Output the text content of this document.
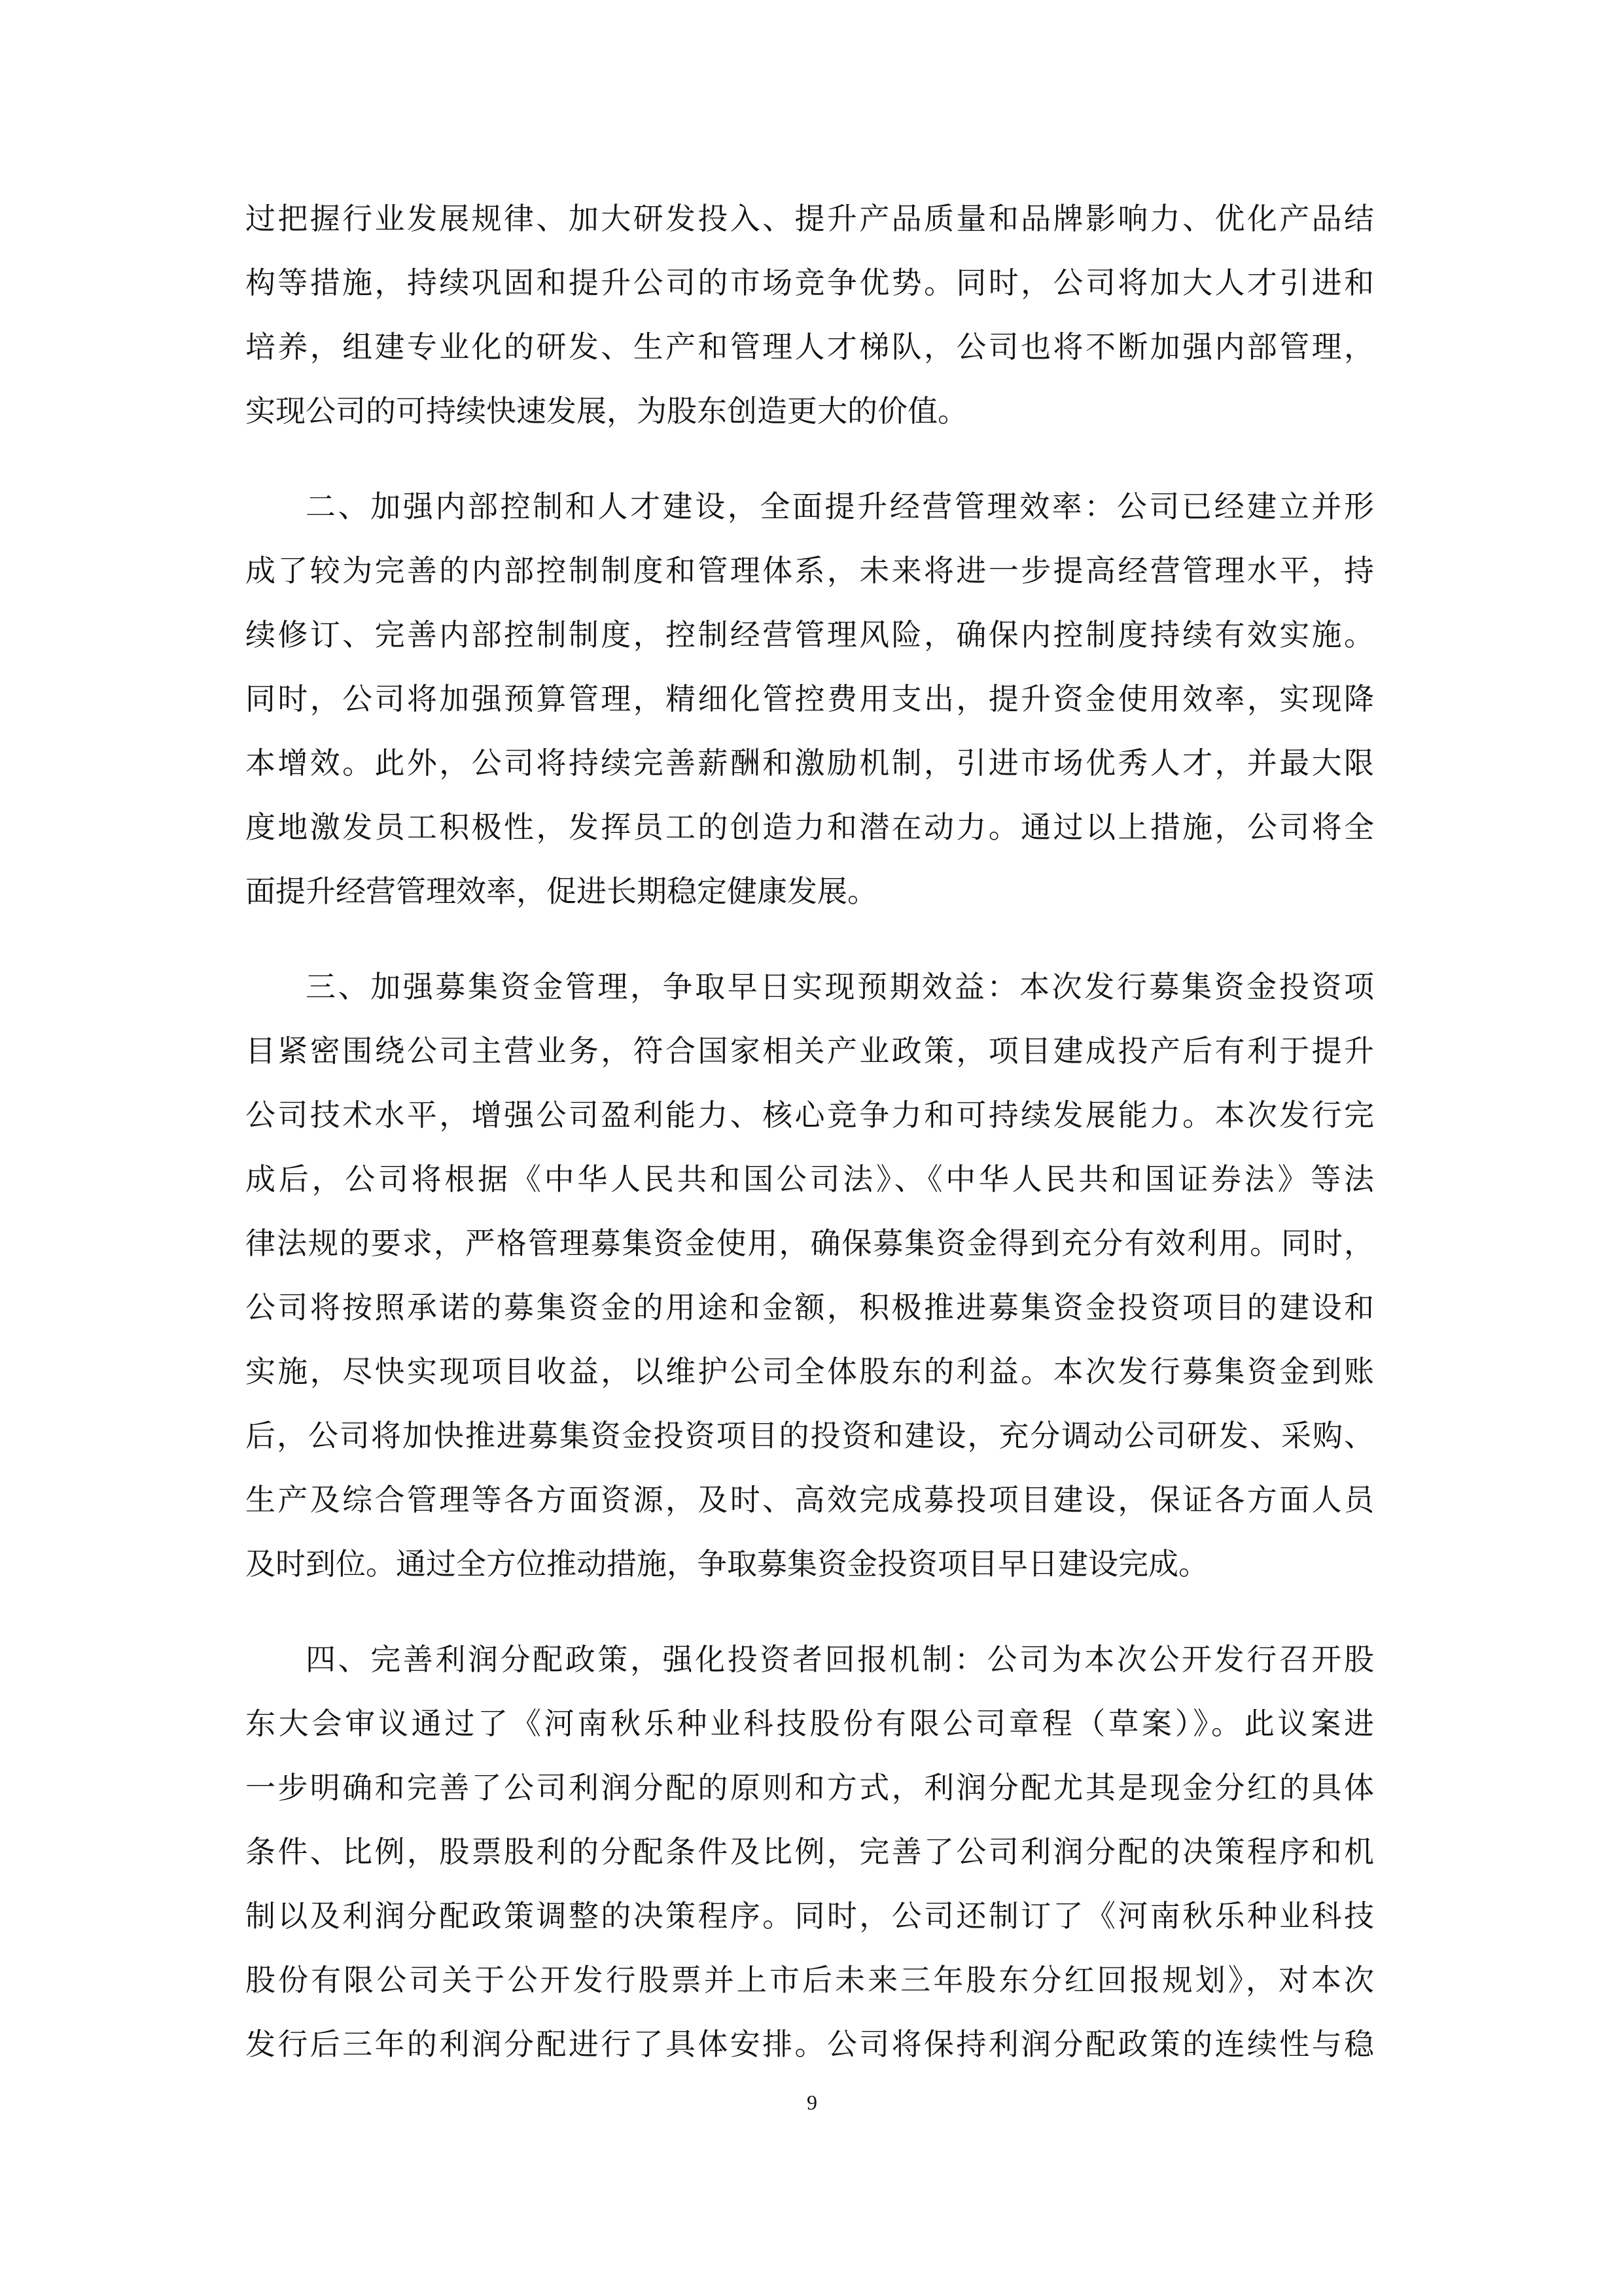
过把握行业发展规律、加大研发投入、提升产品质量和品牌影响力、优化产品结
构等措施，持续巩固和提升公司的市场竞争优势。同时，公司将加大人才引进和
培养，组建专业化的研发、生产和管理人才梯队，公司也将不断加强内部管理，
实现公司的可持续快速发展，为股东创造更大的价值。
二、加强内部控制和人才建设，全面提升经营管理效率：公司已经建立并形
成了较为完善的内部控制制度和管理体系，未来将进一步提高经营管理水平，持
续修订、完善内部控制制度，控制经营管理风险，确保内控制度持续有效实施。
同时，公司将加强预算管理，精细化管控费用支出，提升资金使用效率，实现降
本增效。此外，公司将持续完善薪酬和激励机制，引进市场优秀人才，并最大限
度地激发员工积极性，发挥员工的创造力和潜在动力。通过以上措施，公司将全
面提升经营管理效率，促进长期稳定健康发展。
三、加强募集资金管理，争取早日实现预期效益：本次发行募集资金投资项
目紧密围绕公司主营业务，符合国家相关产业政策，项目建成投产后有利于提升
公司技术水平，增强公司盈利能力、核心竞争力和可持续发展能力。本次发行完
成后，公司将根据《中华人民共和国公司法》、《中华人民共和国证券法》等法
律法规的要求，严格管理募集资金使用，确保募集资金得到充分有效利用。同时，
公司将按照承诺的募集资金的用途和金额，积极推进募集资金投资项目的建设和
实施，尽快实现项目收益，以维护公司全体股东的利益。本次发行募集资金到账
后，公司将加快推进募集资金投资项目的投资和建设，充分调动公司研发、采购、
生产及综合管理等各方面资源，及时、高效完成募投项目建设，保证各方面人员
及时到位。通过全方位推动措施，争取募集资金投资项目早日建设完成。
四、完善利润分配政策，强化投资者回报机制：公司为本次公开发行召开股
东大会审议通过了《河南秋乐种业科技股份有限公司章程（草案）》。此议案进
一步明确和完善了公司利润分配的原则和方式，利润分配尤其是现金分红的具体
条件、比例，股票股利的分配条件及比例，完善了公司利润分配的决策程序和机
制以及利润分配政策调整的决策程序。同时，公司还制订了《河南秋乐种业科技
股份有限公司关于公开发行股票并上市后未来三年股东分红回报规划》，对本次
发行后三年的利润分配进行了具体安排。公司将保持利润分配政策的连续性与稳
9
